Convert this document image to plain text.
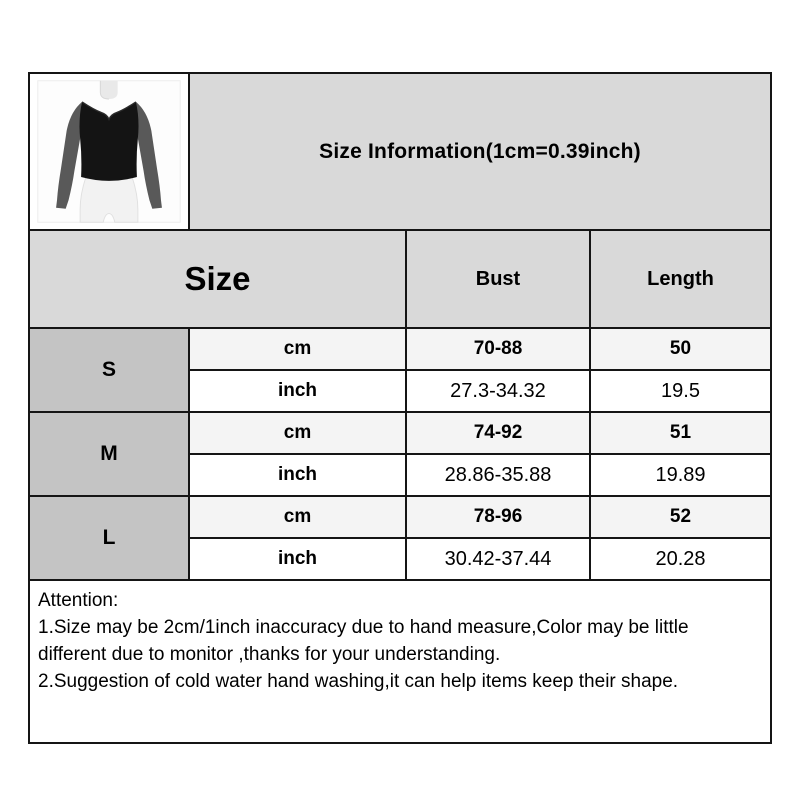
	Size Information(1cm=0.39inch)		
Size		Bust	Length
S	cm	70-88	50
	inch	27.3-34.32	19.5
M	cm	74-92	51
	inch	28.86-35.88	19.89
L	cm	78-96	52
	inch	30.42-37.44	20.28

Attention:
1.Size may be 2cm/1inch inaccuracy due to hand measure,Color may be little
different due to monitor ,thanks for your understanding.
2.Suggestion of cold water hand washing,it can help items keep their shape.			
